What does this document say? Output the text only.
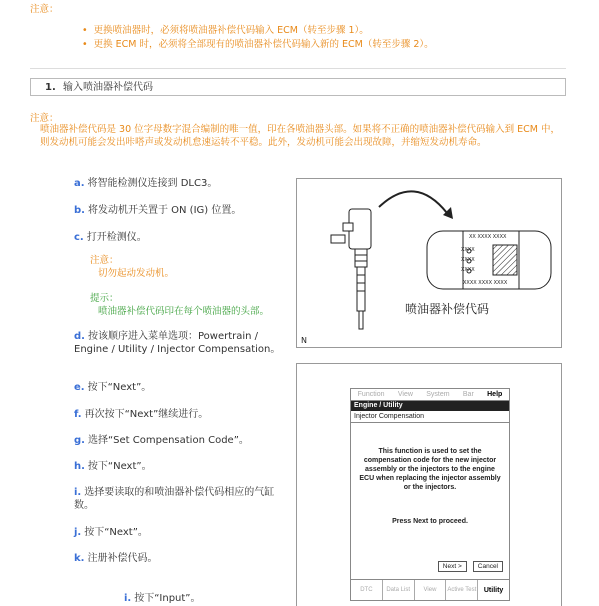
注意：
• 更换喷油器时，必须将喷油器补偿代码输入 ECM（转至步骤 1）。
• 更换 ECM 时，必须将全部现有的喷油器补偿代码输入新的 ECM（转至步骤 2）。
1. 输入喷油器补偿代码
注意：
喷油器补偿代码是 30 位字母数字混合编制的唯一值，印在各喷油器头部。如果将不正确的喷油器补偿代码输入到 ECM 中，则发动机可能会发出咔嗒声或发动机怠速运转不平稳。此外，发动机可能会出现故障，并缩短发动机寿命。
a. 将智能检测仪连接到 DLC3。
b. 将发动机开关置于 ON (IG) 位置。
c. 打开检测仪。
注意：
切勿起动发动机。
提示：
喷油器补偿代码印在每个喷油器的头部。
d. 按该顺序进入菜单选项：Powertrain / Engine / Utility / Injector Compensation。
e. 按下“Next”。
f. 再次按下“Next”继续进行。
g. 选择“Set Compensation Code”。
h. 按下“Next”。
i. 选择要读取的和喷油器补偿代码相应的气缸数。
j. 按下“Next”。
k. 注册补偿代码。
i. 按下“Input”。
XX XXXX XXXX
XXXX
XXXX
XXXX
XXXX XXXX XXXX
喷油器补偿代码
N
Function View System Bar Help
Engine / Utility
Injector Compensation
This function is used to set the compensation code for the new injector assembly or the injectors to the engine ECU when replacing the injector assembly or the injectors.
Press Next to proceed.
Next >	Cancel
DTC	Data List	View	Active Test	Utility
